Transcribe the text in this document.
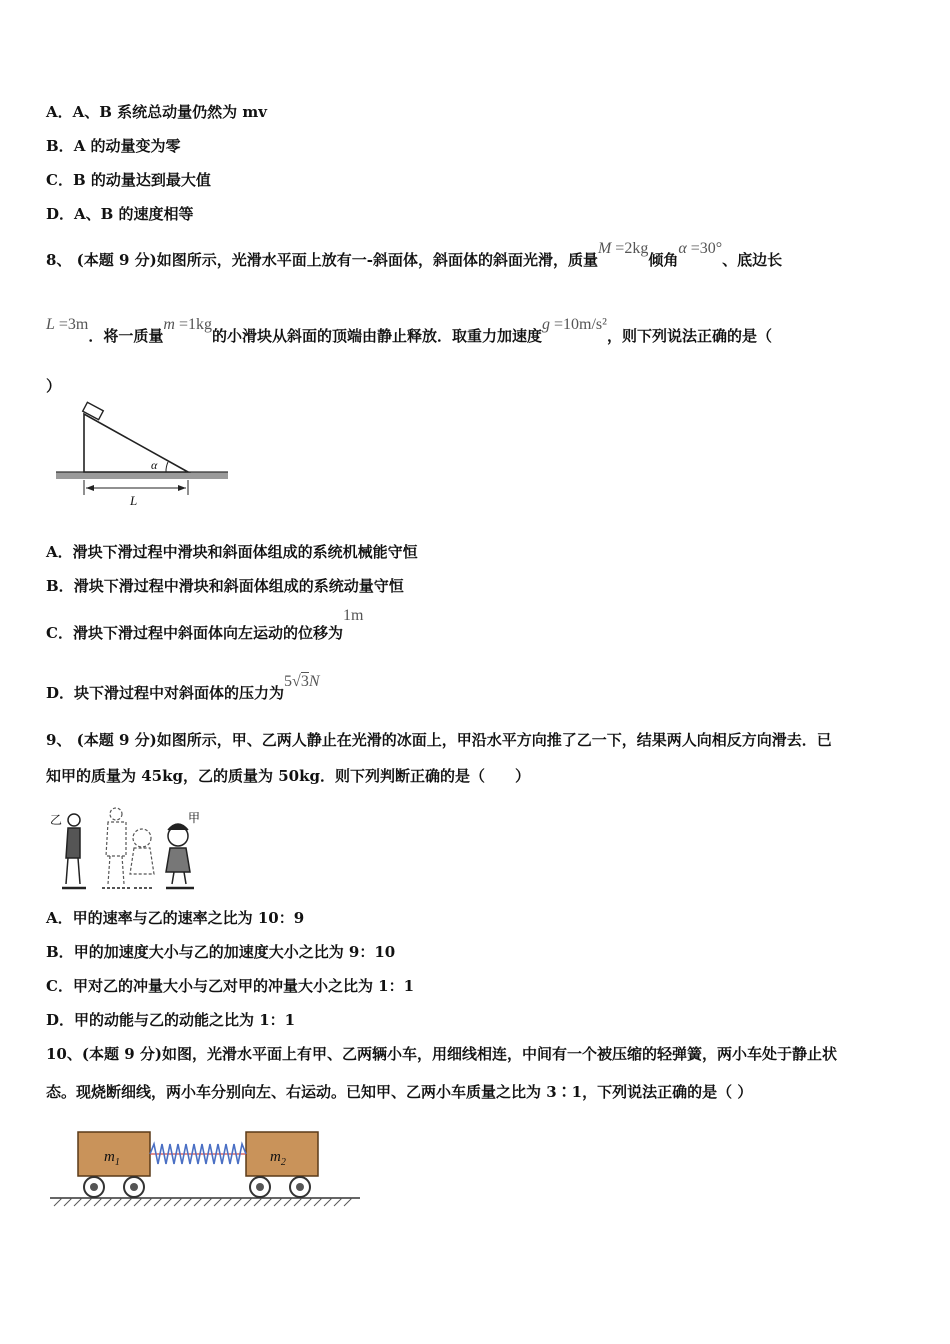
A．A、B 系统总动量仍然为 mv
B．A 的动量变为零
C．B 的动量达到最大值
D．A、B 的速度相等
8、 (本题 9 分)如图所示，光滑水平面上放有一-斜面体，斜面体的斜面光滑，质量M =2kg倾角α =30°、底边长
L =3m．将一质量m =1kg的小滑块从斜面的顶端由静止释放．取重力加速度g =10m/s²，则下列说法正确的是（
）
α
L
A．滑块下滑过程中滑块和斜面体组成的系统机械能守恒
B．滑块下滑过程中滑块和斜面体组成的系统动量守恒
C．滑块下滑过程中斜面体向左运动的位移为1m
D．块下滑过程中对斜面体的压力为5√3N
9、 (本题 9 分)如图所示，甲、乙两人静止在光滑的冰面上，甲沿水平方向推了乙一下，结果两人向相反方向滑去．已
知甲的质量为 45kg，乙的质量为 50kg．则下列判断正确的是（　　）
乙	甲
A．甲的速率与乙的速率之比为 10：9
B．甲的加速度大小与乙的加速度大小之比为 9：10
C．甲对乙的冲量大小与乙对甲的冲量大小之比为 1：1
D．甲的动能与乙的动能之比为 1：1
10、(本题 9 分)如图，光滑水平面上有甲、乙两辆小车，用细线相连，中间有一个被压缩的轻弹簧，两小车处于静止状
态。现烧断细线，两小车分别向左、右运动。已知甲、乙两小车质量之比为 3∶1，下列说法正确的是（ ）
$m_1$	$m_2$
